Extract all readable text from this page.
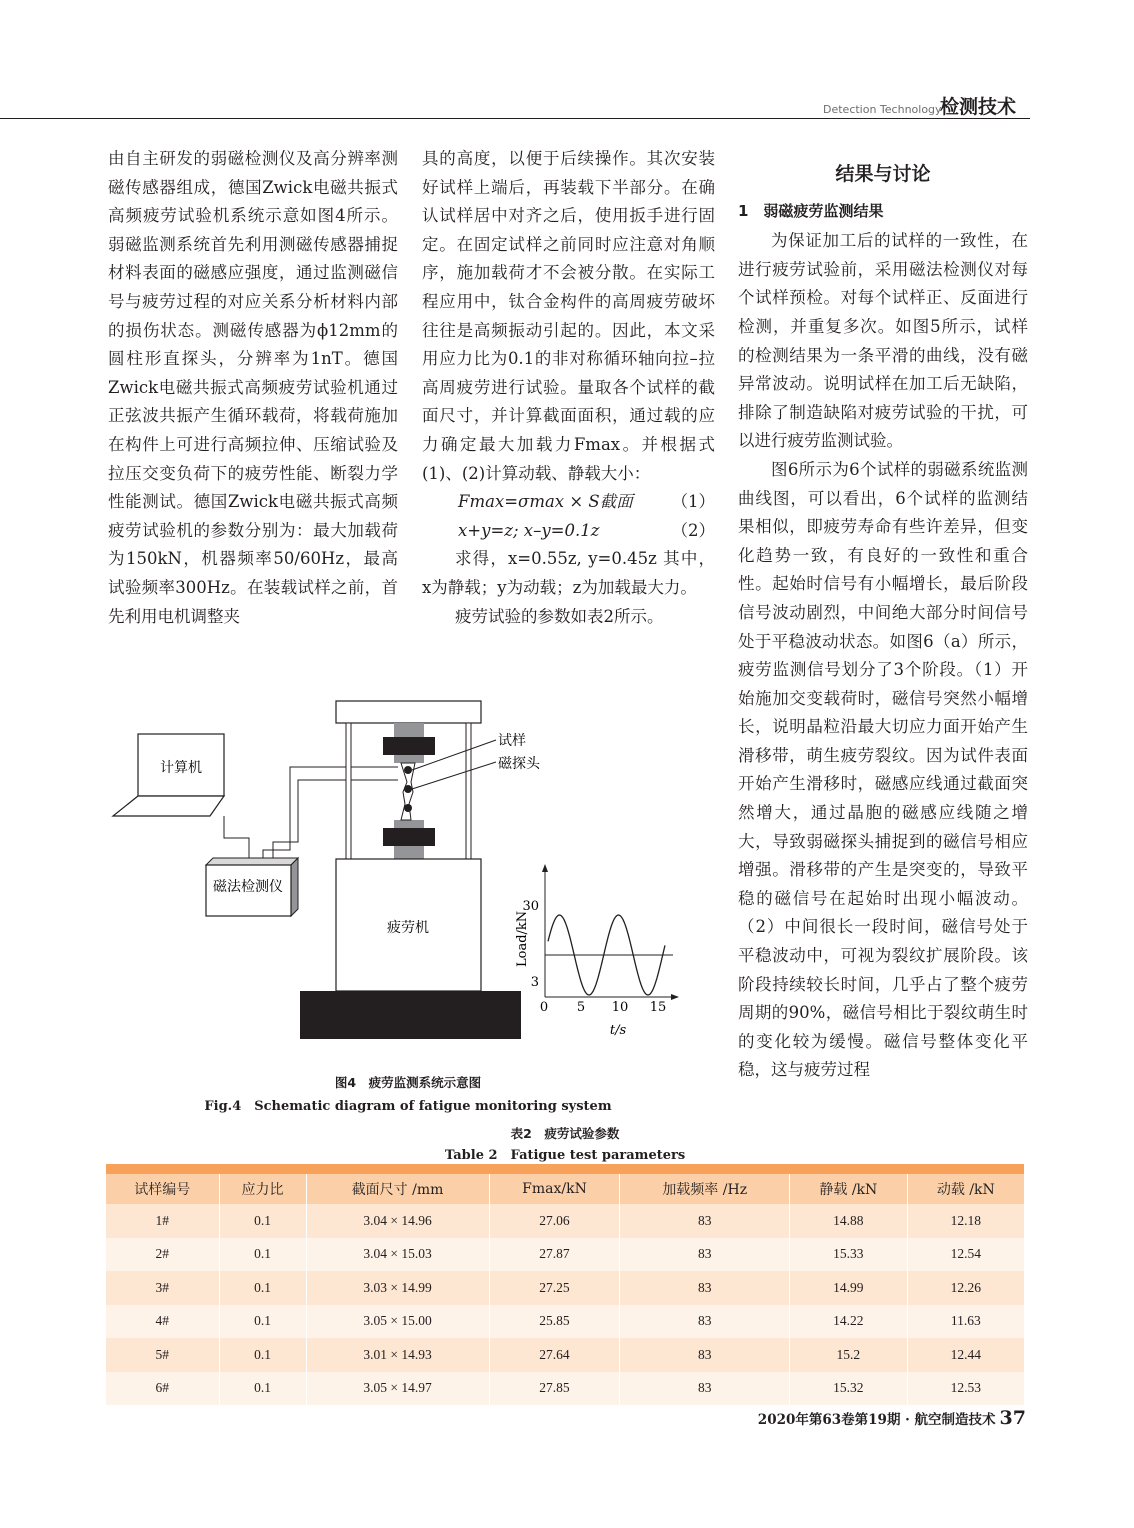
Detection Technology
检测技术

由自主研发的弱磁检测仪及高分辨率测磁传感器组成，德国Zwick电磁共振式高频疲劳试验机系统示意如图4所示。弱磁监测系统首先利用测磁传感器捕捉材料表面的磁感应强度，通过监测磁信号与疲劳过程的对应关系分析材料内部的损伤状态。测磁传感器为ϕ12mm的圆柱形直探头，分辨率为1nT。德国Zwick电磁共振式高频疲劳试验机通过正弦波共振产生循环载荷，将载荷施加在构件上可进行高频拉伸、压缩试验及拉压交变负荷下的疲劳性能、断裂力学性能测试。德国Zwick电磁共振式高频疲劳试验机的参数分别为：最大加载荷为150kN，机器频率50/60Hz，最高试验频率300Hz。在装载试样之前，首先利用电机调整夹

具的高度，以便于后续操作。其次安装好试样上端后，再装载下半部分。在确认试样居中对齐之后，使用扳手进行固定。在固定试样之前同时应注意对角顺序，施加载荷才不会被分散。在实际工程应用中，钛合金构件的高周疲劳破坏往往是高频振动引起的。因此，本文采用应力比为0.1的非对称循环轴向拉–拉高周疲劳进行试验。量取各个试样的截面尺寸，并计算截面面积，通过载的应力确定最大加载力Fmax。并根据式(1)、(2)计算动载、静载大小：

Fmax=σmax × S截面 （1）
x+y=z; x–y=0.1z	（2）

求得，x=0.55z, y=0.45z 其中，x为静载；y为动载；z为加载最大力。

疲劳试验的参数如表2所示。

结果与讨论
1　弱磁疲劳监测结果

为保证加工后的试样的一致性，在进行疲劳试验前，采用磁法检测仪对每个试样预检。对每个试样正、反面进行检测，并重复多次。如图5所示，试样的检测结果为一条平滑的曲线，没有磁异常波动。说明试样在加工后无缺陷，排除了制造缺陷对疲劳试验的干扰，可以进行疲劳监测试验。

图6所示为6个试样的弱磁系统监测曲线图，可以看出，6个试样的监测结果相似，即疲劳寿命有些许差异，但变化趋势一致，有良好的一致性和重合性。起始时信号有小幅增长，最后阶段信号波动剧烈，中间绝大部分时间信号处于平稳波动状态。如图6（a）所示，疲劳监测信号划分了3个阶段。（1）开始施加交变载荷时，磁信号突然小幅增长，说明晶粒沿最大切应力面开始产生滑移带，萌生疲劳裂纹。因为试件表面开始产生滑移时，磁感应线通过截面突然增大，通过晶胞的磁感应线随之增大，导致弱磁探头捕捉到的磁信号相应增强。滑移带的产生是突变的，导致平稳的磁信号在起始时出现小幅波动。（2）中间很长一段时间，磁信号处于平稳波动中，可视为裂纹扩展阶段。该阶段持续较长时间，几乎占了整个疲劳周期的90%，磁信号相比于裂纹萌生时的变化较为缓慢。磁信号整体变化平稳，这与疲劳过程

计算机
磁法检测仪
试样
磁探头
疲劳机
30
3
0 5 10 15
t/s
Load/kN
图4　疲劳监测系统示意图
Fig.4　Schematic diagram of fatigue monitoring system
表2　疲劳试验参数
Table 2　Fatigue test parameters

试样编号	应力比	截面尺寸 /mm	Fmax/kN	加载频率 /Hz	静载 /kN	动载 /kN
1#	0.1	3.04 × 14.96	27.06	83	14.88	12.18
2#	0.1	3.04 × 15.03	27.87	83	15.33	12.54
3#	0.1	3.03 × 14.99	27.25	83	14.99	12.26
4#	0.1	3.05 × 15.00	25.85	83	14.22	11.63
5#	0.1	3.01 × 14.93	27.64	83	15.2	12.44
6#	0.1	3.05 × 14.97	27.85	83	15.32	12.53
2020年第63卷第19期 · 航空制造技术 37
